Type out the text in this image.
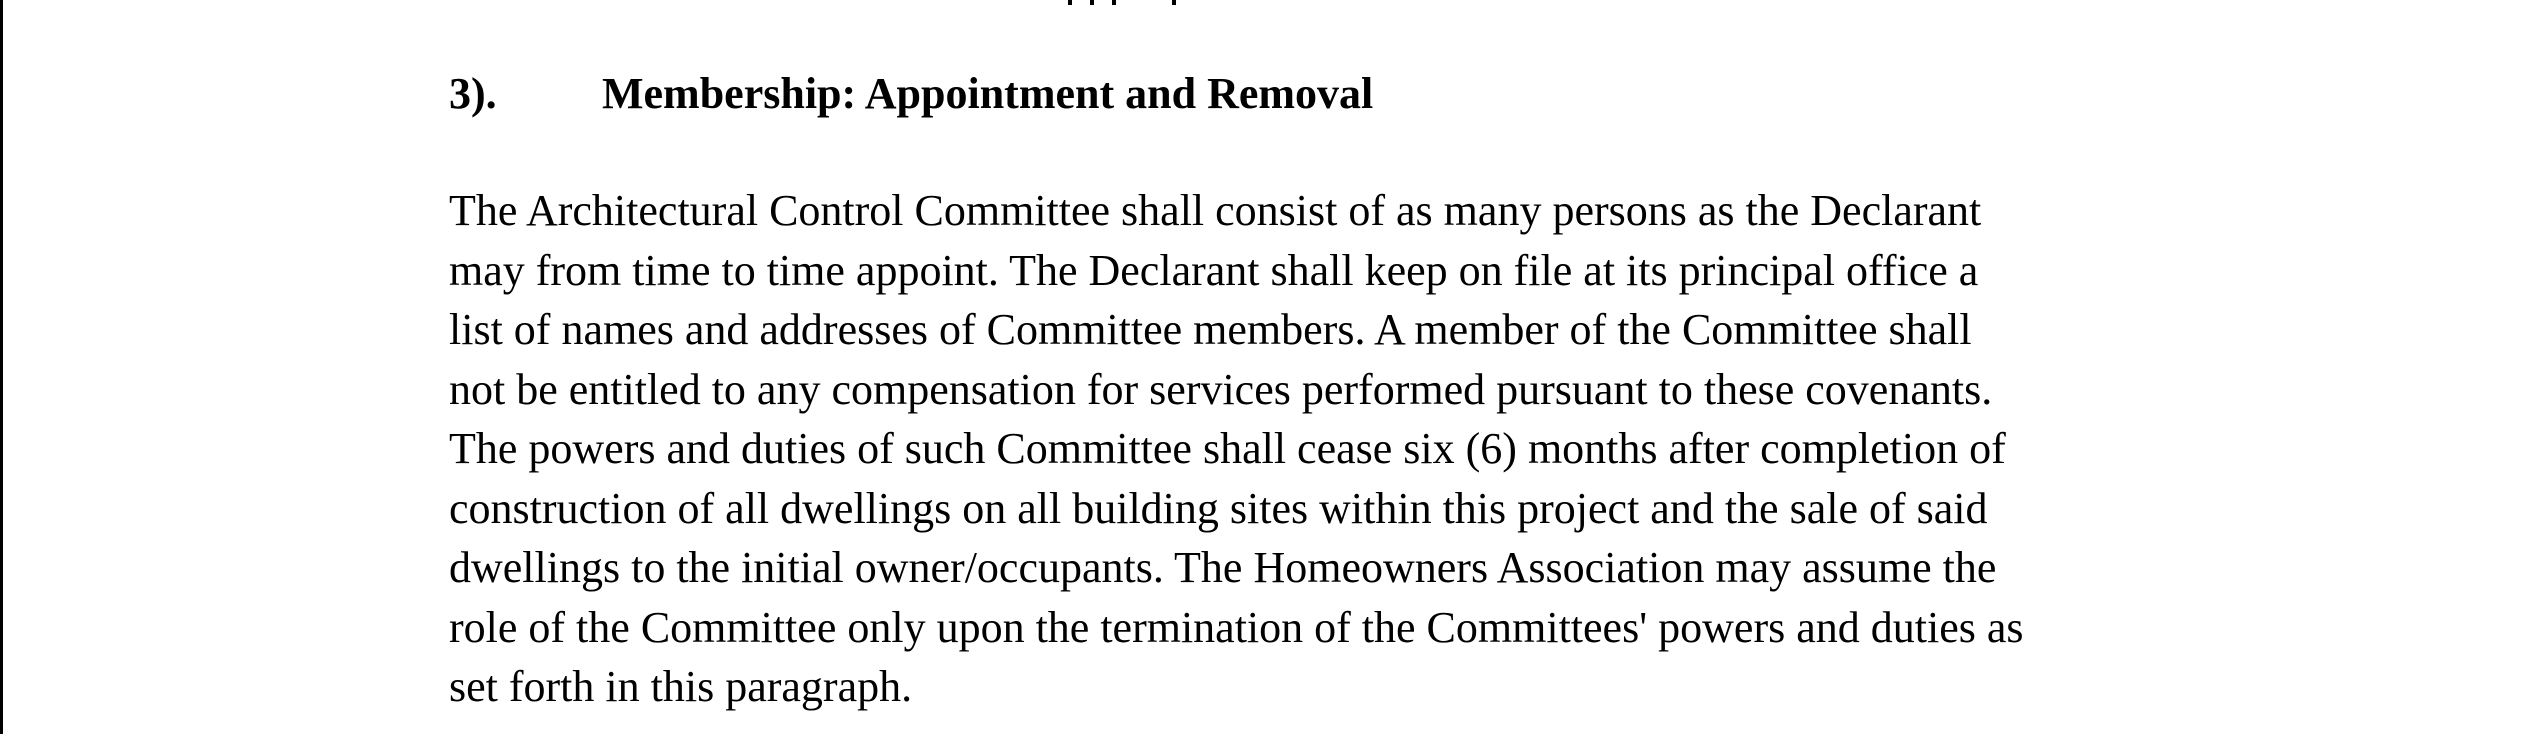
3). Membership: Appointment and Removal
The Architectural Control Committee shall consist of as many persons as the Declarant
may from time to time appoint. The Declarant shall keep on file at its principal office a
list of names and addresses of Committee members. A member of the Committee shall
not be entitled to any compensation for services performed pursuant to these covenants.
The powers and duties of such Committee shall cease six (6) months after completion of
construction of all dwellings on all building sites within this project and the sale of said
dwellings to the initial owner/occupants. The Homeowners Association may assume the
role of the Committee only upon the termination of the Committees' powers and duties as
set forth in this paragraph.
